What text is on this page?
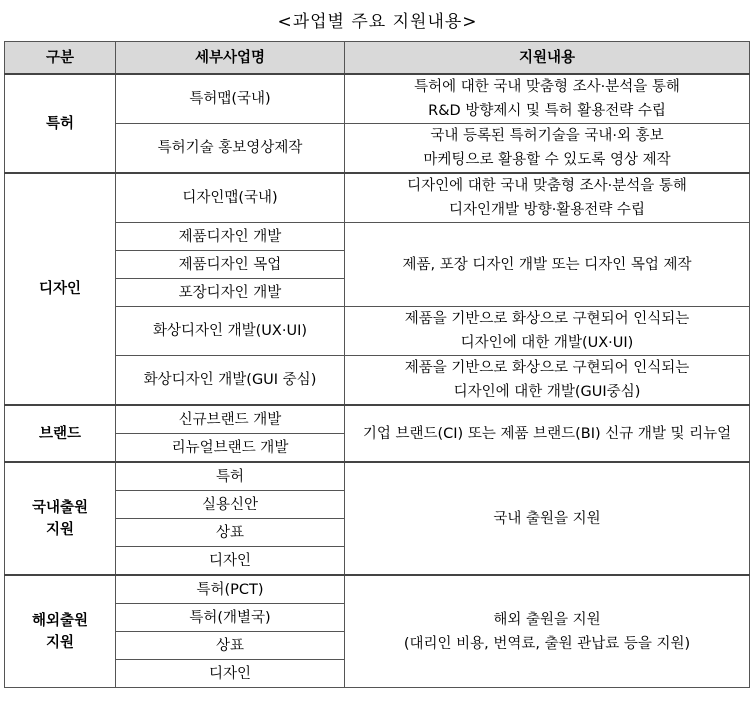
<과업별 주요 지원내용>
구분	세부사업명	지원내용
특허	특허맵(국내)	특허에 대한 국내 맞춤형 조사·분석을 통해
R&D 방향제시 및 특허 활용전략 수립

	특허기술 홍보영상제작	국내 등록된 특허기술을 국내·외 홍보
마케팅으로 활용할 수 있도록 영상 제작

디자인	디자인맵(국내)	디자인에 대한 국내 맞춤형 조사·분석을 통해
디자인개발 방향·활용전략 수립

	제품디자인 개발	제품, 포장 디자인 개발 또는 디자인 목업 제작
	제품디자인 목업	
	포장디자인 개발	
	화상디자인 개발(UX·UI)	제품을 기반으로 화상으로 구현되어 인식되는
디자인에 대한 개발(UX·UI)

	화상디자인 개발(GUI 중심)	제품을 기반으로 화상으로 구현되어 인식되는
디자인에 대한 개발(GUI중심)

브랜드	신규브랜드 개발	기업 브랜드(CI) 또는 제품 브랜드(BI) 신규 개발 및 리뉴얼
	리뉴얼브랜드 개발	

국내출원
지원	특허	국내 출원을 지원
	실용신안	
	상표	
	디자인	

해외출원
지원	특허(PCT)	해외 출원을 지원
(대리인 비용, 번역료, 출원 관납료 등을 지원)

	특허(개별국)	
	상표	
	디자인	
